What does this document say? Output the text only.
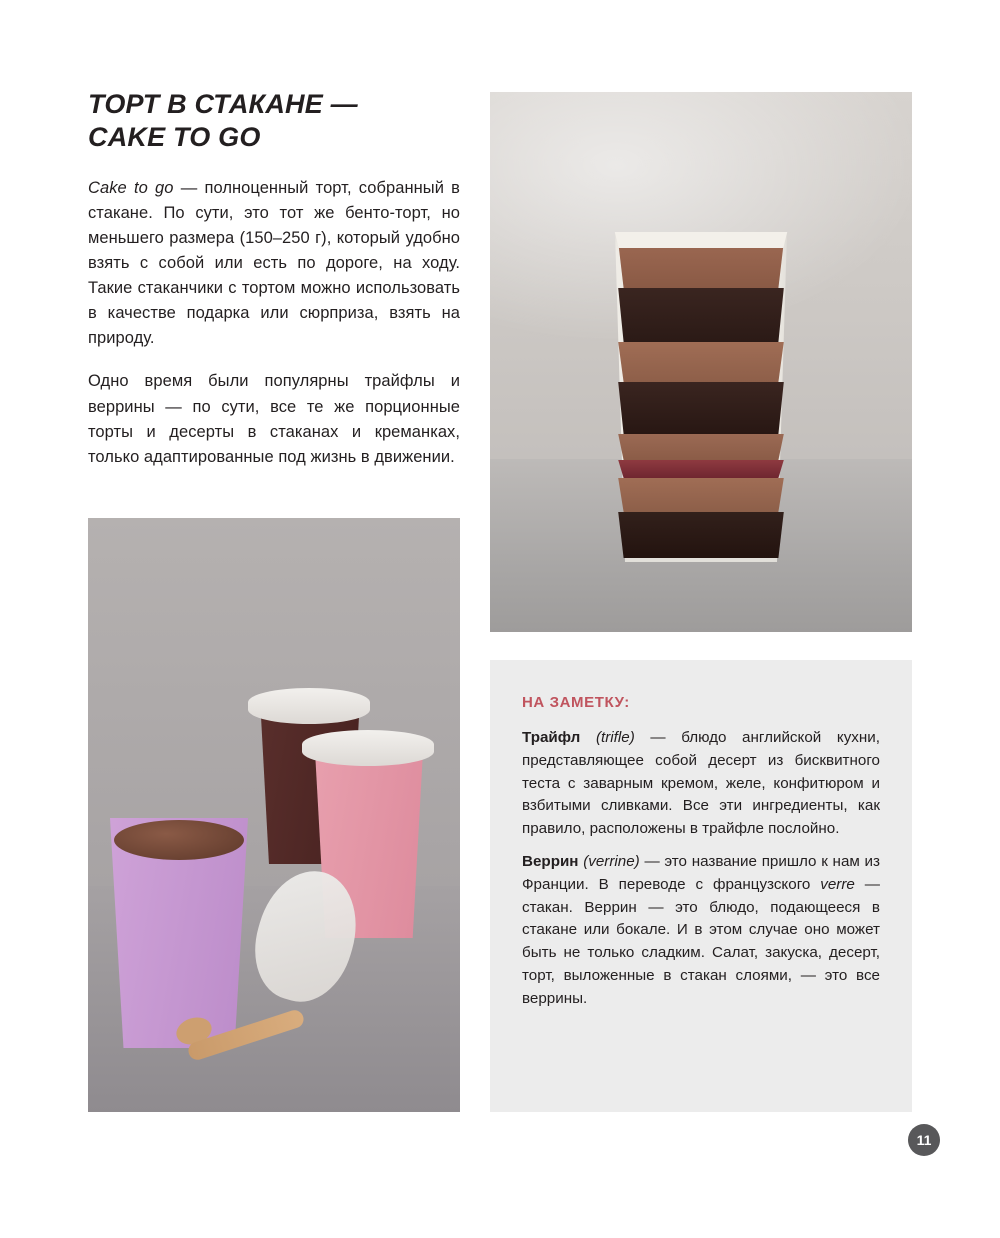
ТОРТ В СТАКАНЕ —
CAKE TO GO

Cake to go — полноценный торт, собранный в стакане. По сути, это тот же бенто-торт, но меньшего размера (150–250 г), который удобно взять с собой или есть по дороге, на ходу. Такие стаканчики с тортом можно использовать в качестве подарка или сюрприза, взять на природу.

Одно время были популярны трайфлы и веррины — по сути, все те же порционные торты и десерты в стаканах и креманках, только адаптированные под жизнь в движении.

НА ЗАМЕТКУ:

Трайфл (trifle) — блюдо английской кухни, представляющее собой десерт из бисквитного теста с заварным кремом, желе, конфитюром и взбитыми сливками. Все эти ингредиенты, как правило, расположены в трайфле послойно.

Веррин (verrine) — это название пришло к нам из Франции. В переводе с французского verre — стакан. Веррин — это блюдо, подающееся в стакане или бокале. И в этом случае оно может быть не только сладким. Салат, закуска, десерт, торт, выложенные в стакан слоями, — это все веррины.

11
